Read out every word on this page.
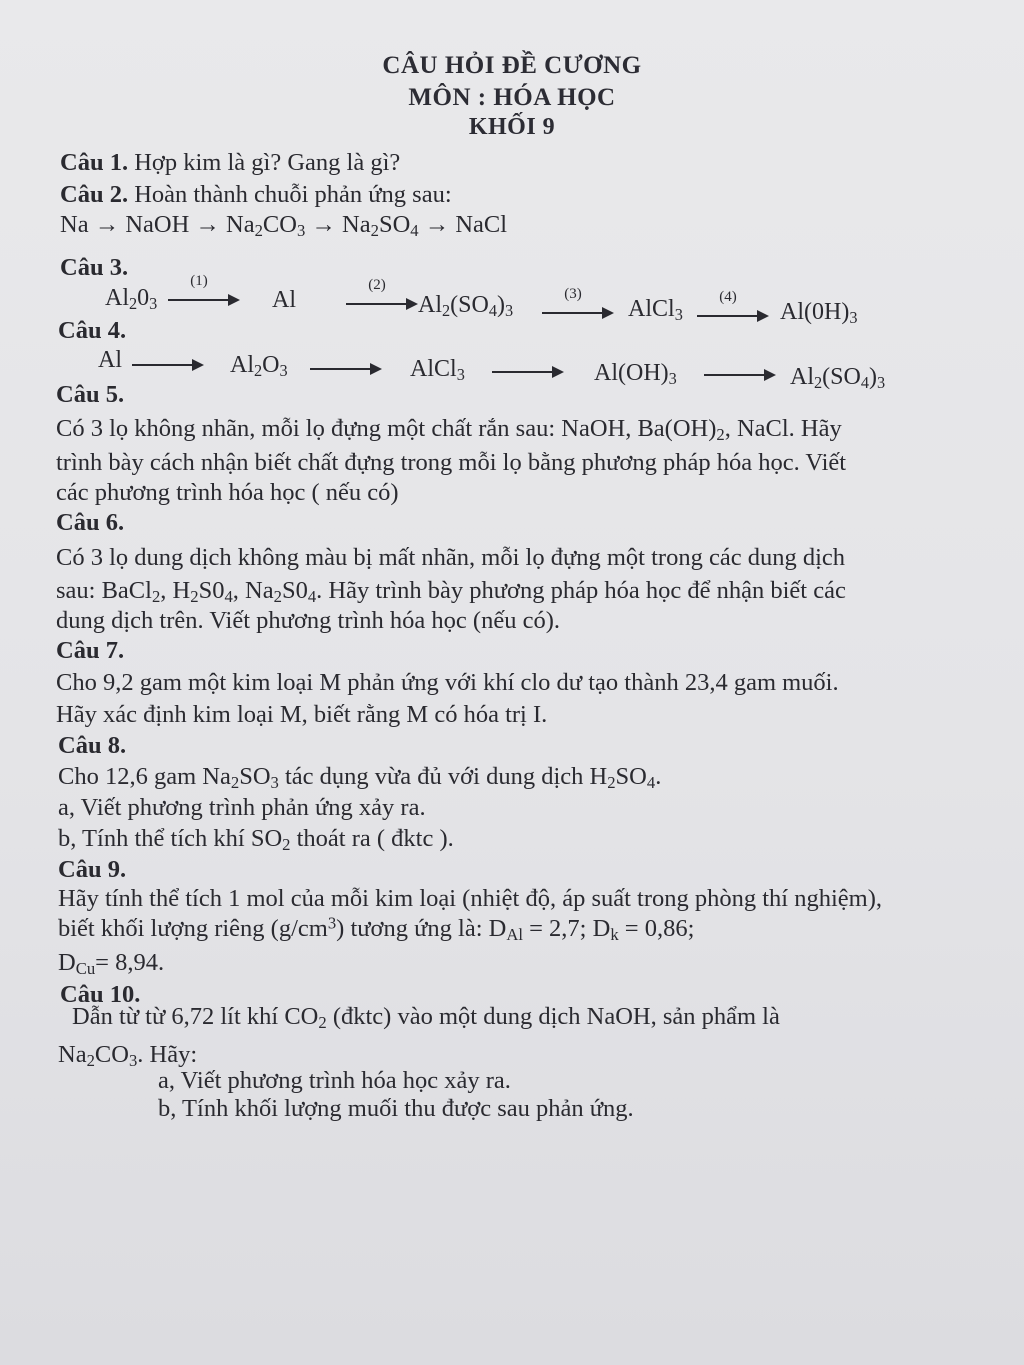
CÂU HỎI ĐỀ CƯƠNG
MÔN : HÓA HỌC
KHỐI 9
Câu 1. Hợp kim là gì? Gang là gì?
Câu 2. Hoàn thành chuỗi phản ứng sau:
Na → NaOH → $Na_2CO_3 \to Na_2SO_4$ → NaCl
Câu 3.
$Al_20_3$
(1)
Al
(2)
$Al_2(SO_4)_3$
(3)
AlCl$_3$
(4)
$Al(0H)_3$
Câu 4.
Al	$Al_2O_3$	AlCl$_3$	$Al(OH)_3$	$Al_2(SO_4)_3$
Câu 5.
Có 3 lọ không nhãn, mỗi lọ đựng một chất rắn sau: NaOH, $Ba(OH)_2$, NaCl. Hãy
trình bày cách nhận biết chất đựng trong mỗi lọ bằng phương pháp hóa học. Viết
các phương trình hóa học ( nếu có)
Câu 6.
Có 3 lọ dung dịch không màu bị mất nhãn, mỗi lọ đựng một trong các dung dịch
sau: BaCl$_2$, $H_2S0_4$, $Na_2S0_4$. Hãy trình bày phương pháp hóa học để nhận biết các
dung dịch trên. Viết phương trình hóa học (nếu có).
Câu 7.
Cho 9,2 gam một kim loại M phản ứng với khí clo dư tạo thành 23,4 gam muối.
Hãy xác định kim loại M, biết rằng M có hóa trị I.
Câu 8.
Cho 12,6 gam $Na_2SO_3$ tác dụng vừa đủ với dung dịch $H_2SO_4$.
a, Viết phương trình phản ứng xảy ra.
b, Tính thể tích khí $SO_2$ thoát ra ( đktc ).
Câu 9.
Hãy tính thể tích 1 mol của mỗi kim loại (nhiệt độ, áp suất trong phòng thí nghiệm),
biết khối lượng riêng $(g/cm^3)$ tương ứng là: $D_{Al} = 2,7$; $D_k = 0,86$;
$D_{Cu}= 8,94$.
Câu 10.
Dẫn từ từ 6,72 lít khí $CO_2$ (đktc) vào một dung dịch NaOH, sản phẩm là
$Na_2CO_3$. Hãy:
a, Viết phương trình hóa học xảy ra.
b, Tính khối lượng muối thu được sau phản ứng.
